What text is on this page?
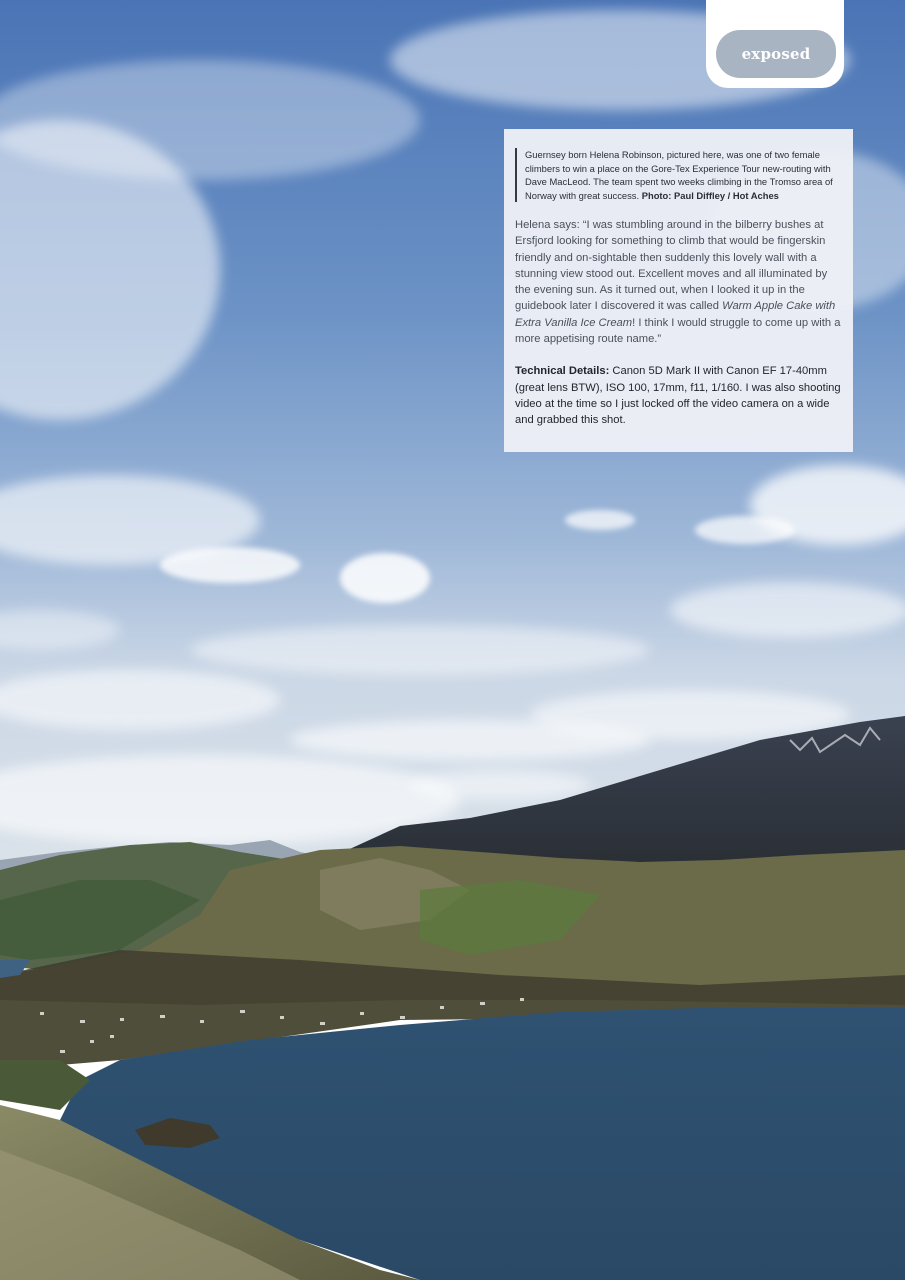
exposed
Guernsey born Helena Robinson, pictured here, was one of two female climbers to win a place on the Gore-Tex Experience Tour new-routing with Dave MacLeod. The team spent two weeks climbing in the Tromso area of Norway with great success. Photo: Paul Diffley / Hot Aches
Helena says: “I was stumbling around in the bilberry bushes at Ersfjord looking for something to climb that would be fingerskin friendly and on-sightable then suddenly this lovely wall with a stunning view stood out. Excellent moves and all illuminated by the evening sun. As it turned out, when I looked it up in the guidebook later I discovered it was called Warm Apple Cake with Extra Vanilla Ice Cream! I think I would struggle to come up with a more appetising route name.”
Technical Details: Canon 5D Mark II with Canon EF 17-40mm (great lens BTW), ISO 100, 17mm, f11, 1/160. I was also shooting video at the time so I just locked off the video camera on a wide and grabbed this shot.
